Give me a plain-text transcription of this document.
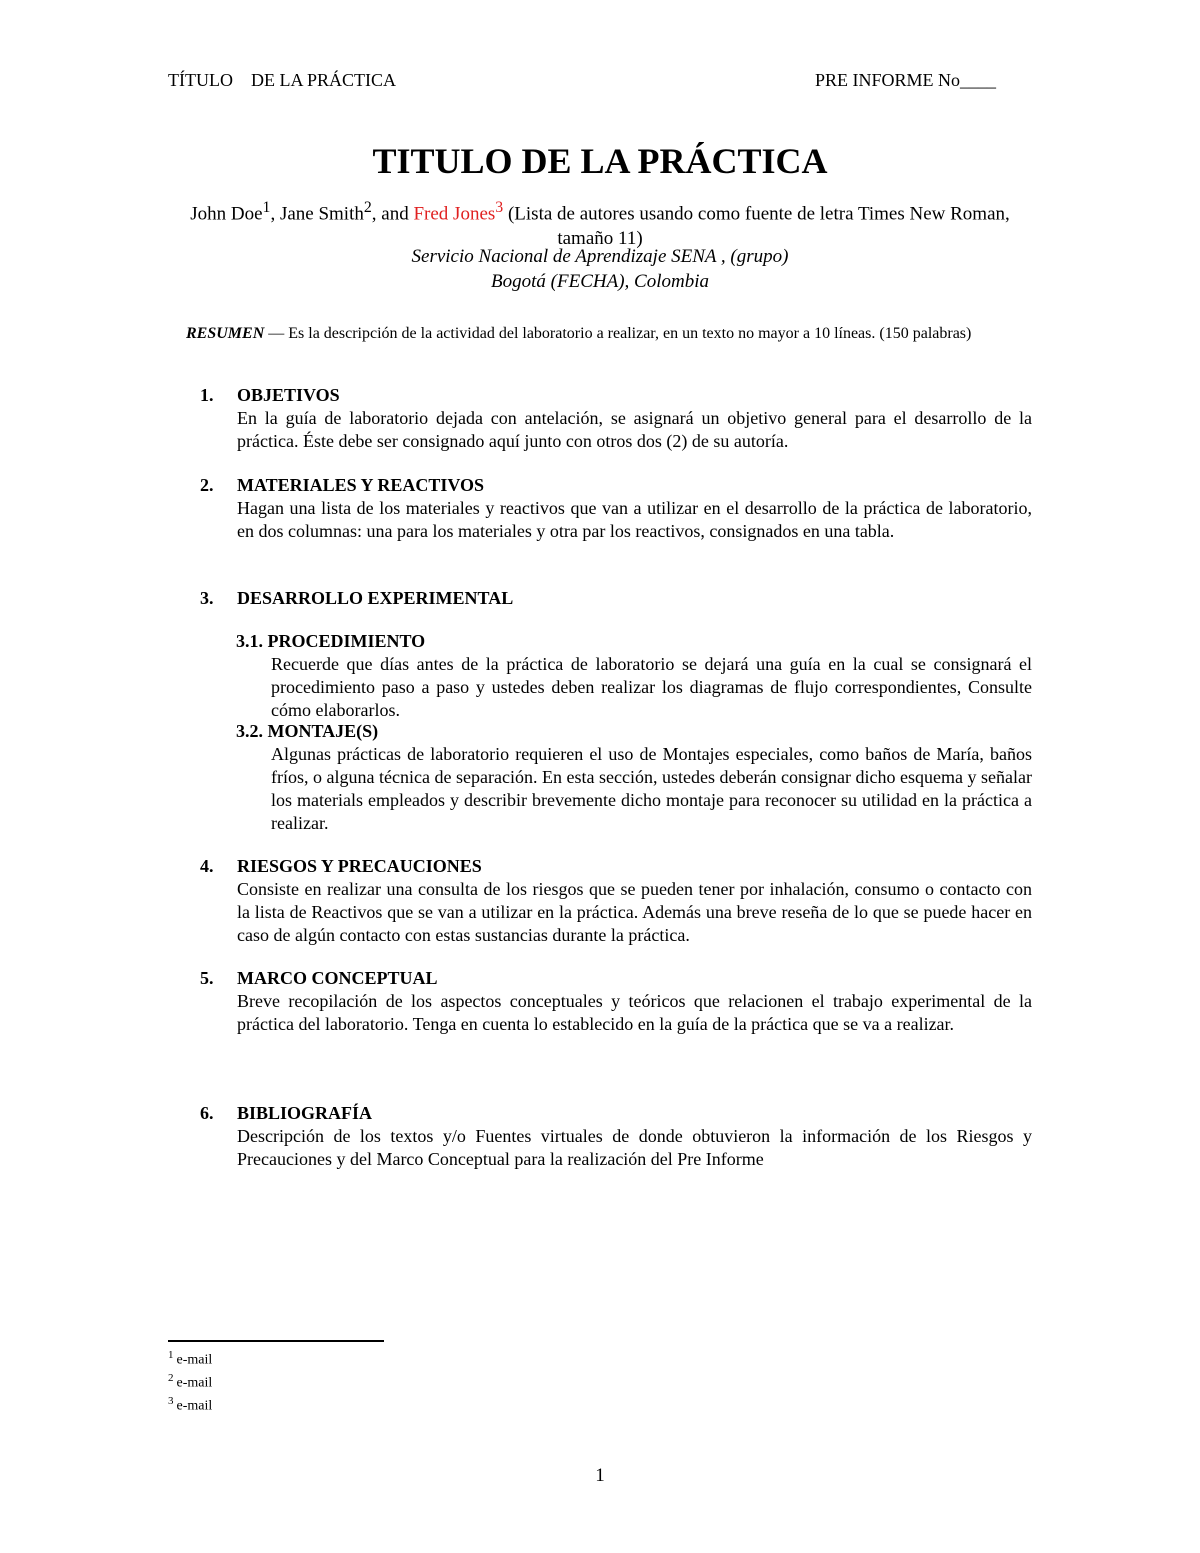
TÍTULO    DE LA PRÁCTICA	PRE INFORME No____
TITULO DE LA PRÁCTICA
John Doe$^1$, Jane Smith$^2$, and Fred Jones$^3$ (Lista de autores usando como fuente de letra Times New Roman, tamaño 11)
Servicio Nacional de Aprendizaje SENA , (grupo)
Bogotá (FECHA), Colombia
RESUMEN — Es la descripción de la actividad del laboratorio a realizar, en un texto no mayor a 10 líneas. (150 palabras)
1. OBJETIVOS
En la guía de laboratorio dejada con antelación, se asignará un objetivo general para el desarrollo de la práctica. Éste debe ser consignado aquí junto con otros dos (2) de su autoría.
2. MATERIALES Y REACTIVOS
Hagan una lista de los materiales y reactivos que van a utilizar en el desarrollo de la práctica de laboratorio, en dos columnas: una para los materiales y otra par los reactivos, consignados en una tabla.
3. DESARROLLO EXPERIMENTAL
3.1. PROCEDIMIENTO
Recuerde que días antes de la práctica de laboratorio se dejará una guía en la cual se consignará el procedimiento paso a paso y ustedes deben realizar los diagramas de flujo correspondientes, Consulte cómo elaborarlos.
3.2. MONTAJE(S)
Algunas prácticas de laboratorio requieren el uso de Montajes especiales, como baños de María, baños fríos, o alguna técnica de separación. En esta sección, ustedes deberán consignar dicho esquema y señalar los materials empleados y describir brevemente dicho montaje para reconocer su utilidad en la práctica a realizar.
4. RIESGOS Y PRECAUCIONES
Consiste en realizar una consulta de los riesgos que se pueden tener por inhalación, consumo o contacto con la lista de Reactivos que se van a utilizar en la práctica. Además una breve reseña de lo que se puede hacer en caso de algún contacto con estas sustancias durante la práctica.
5. MARCO CONCEPTUAL
Breve recopilación de los aspectos conceptuales y teóricos que relacionen el trabajo experimental de la práctica del laboratorio. Tenga en cuenta lo establecido en la guía de la práctica que se va a realizar.
6. BIBLIOGRAFÍA
Descripción de los textos y/o Fuentes virtuales de donde obtuvieron la información de los Riesgos y Precauciones y del Marco Conceptual para la realización del Pre Informe
$^1$ e-mail
$^2$ e-mail
$^3$ e-mail
1
